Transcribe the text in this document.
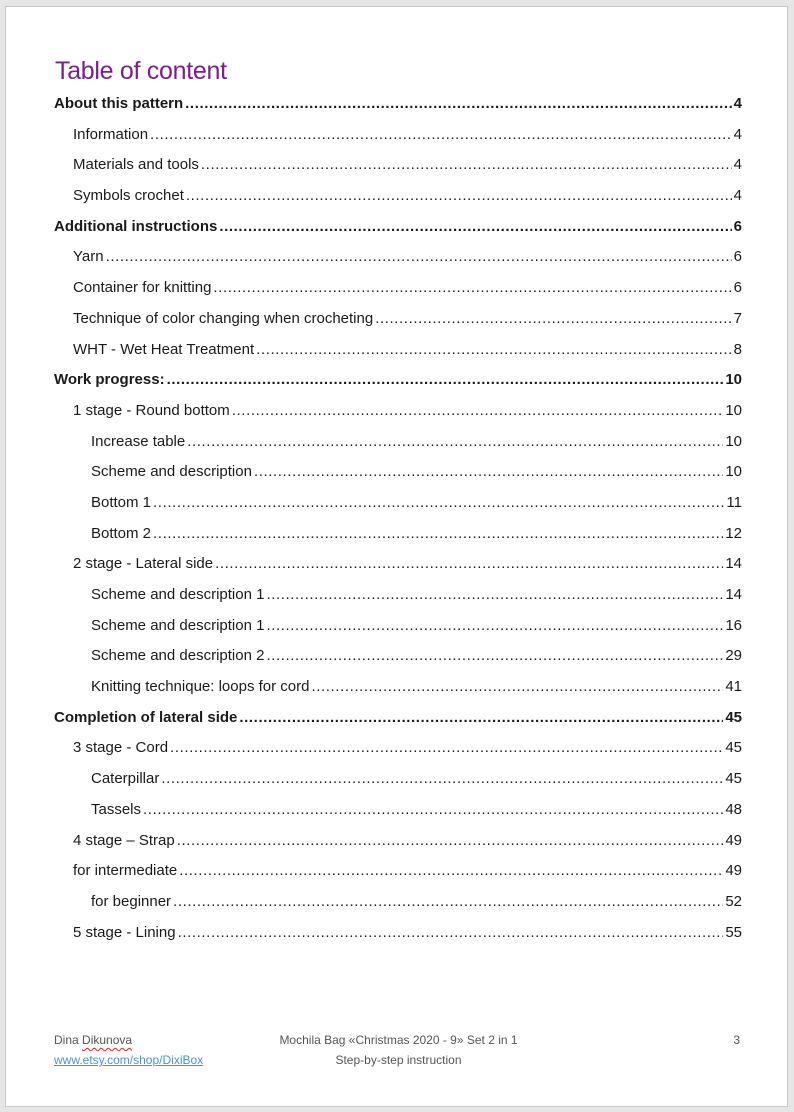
Table of content
About this pattern .....	4
Information .....	4
Materials and tools .....	4
Symbols crochet .....	4
Additional instructions .....	6
Yarn .....	6
Container for knitting .....	6
Technique of color changing when crocheting .....	7
WHT - Wet Heat Treatment .....	8
Work progress: .....	10
1 stage - Round bottom .....	10
Increase table .....	10
Scheme and description .....	10
Bottom 1 .....	11
Bottom 2 .....	12
2 stage - Lateral side .....	14
Scheme and description 1 .....	14
Scheme and description 1 .....	16
Scheme and description 2 .....	29
Knitting technique: loops for cord .....	41
Completion of lateral side .....	45
3 stage - Cord .....	45
Caterpillar .....	45
Tassels .....	48
4 stage – Strap .....	49
for intermediate .....	49
for beginner .....	52
5 stage - Lining .....	55
Dina Dikunova
www.etsy.com/shop/DixiBox
Mochila Bag «Christmas 2020 - 9» Set 2 in 1
Step-by-step instruction
3
